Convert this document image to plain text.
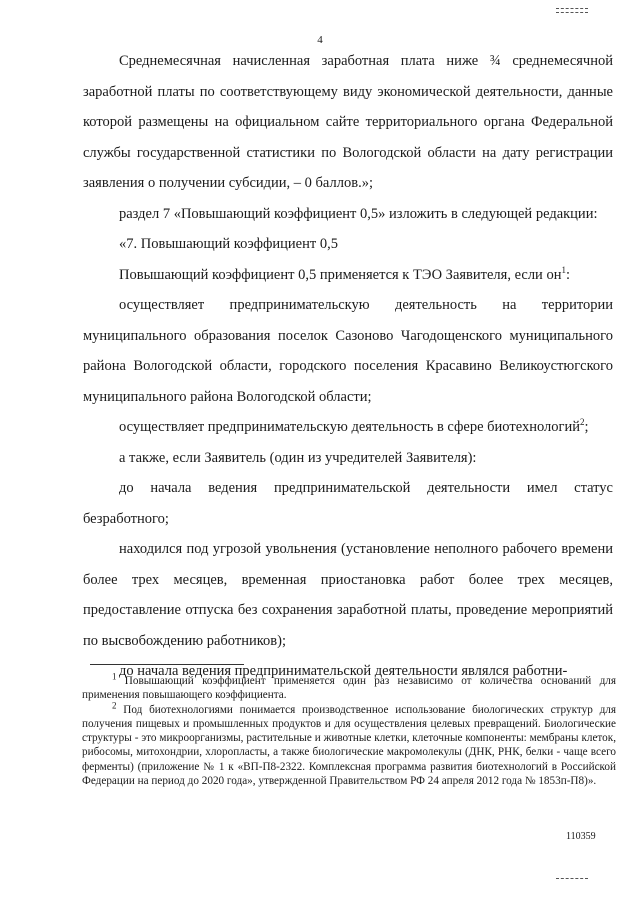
4

Среднемесячная начисленная заработная плата ниже ¾ среднемесячной заработной платы по соответствующему виду экономической деятельности, данные которой размещены на официальном сайте территориального органа Федеральной службы государственной статистики по Вологодской области на дату регистрации заявления о получении субсидии, – 0 баллов.»;

раздел 7 «Повышающий коэффициент 0,5» изложить в следующей редакции:

«7. Повышающий коэффициент 0,5

Повышающий коэффициент 0,5 применяется к ТЭО Заявителя, если $он^1$:

осуществляет предпринимательскую деятельность на территории муниципального образования поселок Сазоново Чагодощенского муниципального района Вологодской области, городского поселения Красавино Великоустюгского муниципального района Вологодской области;

осуществляет предпринимательскую деятельность в сфере биотехнологий$^2$;

а также, если Заявитель (один из учредителей Заявителя):

до начала ведения предпринимательской деятельности имел статус безработного;

находился под угрозой увольнения (установление неполного рабочего времени более трех месяцев, временная приостановка работ более трех месяцев, предоставление отпуска без сохранения заработной платы, проведение мероприятий по высвобождению работников);

до начала ведения предпринимательской деятельности являлся работни-

$^1$ Повышающий коэффициент применяется один раз независимо от количества оснований для применения повышающего коэффициента.

$^2$ Под биотехнологиями понимается производственное использование биологических структур для получения пищевых и промышленных продуктов и для осуществления целевых превращений. Биологические структуры - это микроорганизмы, растительные и животные клетки, клеточные компоненты: мембраны клеток, рибосомы, митохондрии, хлоропласты, а также биологические макромолекулы (ДНК, РНК, белки - чаще всего ферменты) (приложение № 1 к «ВП-П8-2322. Комплексная программа развития биотехнологий в Российской Федерации на период до 2020 года», утвержденной Правительством РФ 24 апреля 2012 года № 1853п-П8)».

110359
